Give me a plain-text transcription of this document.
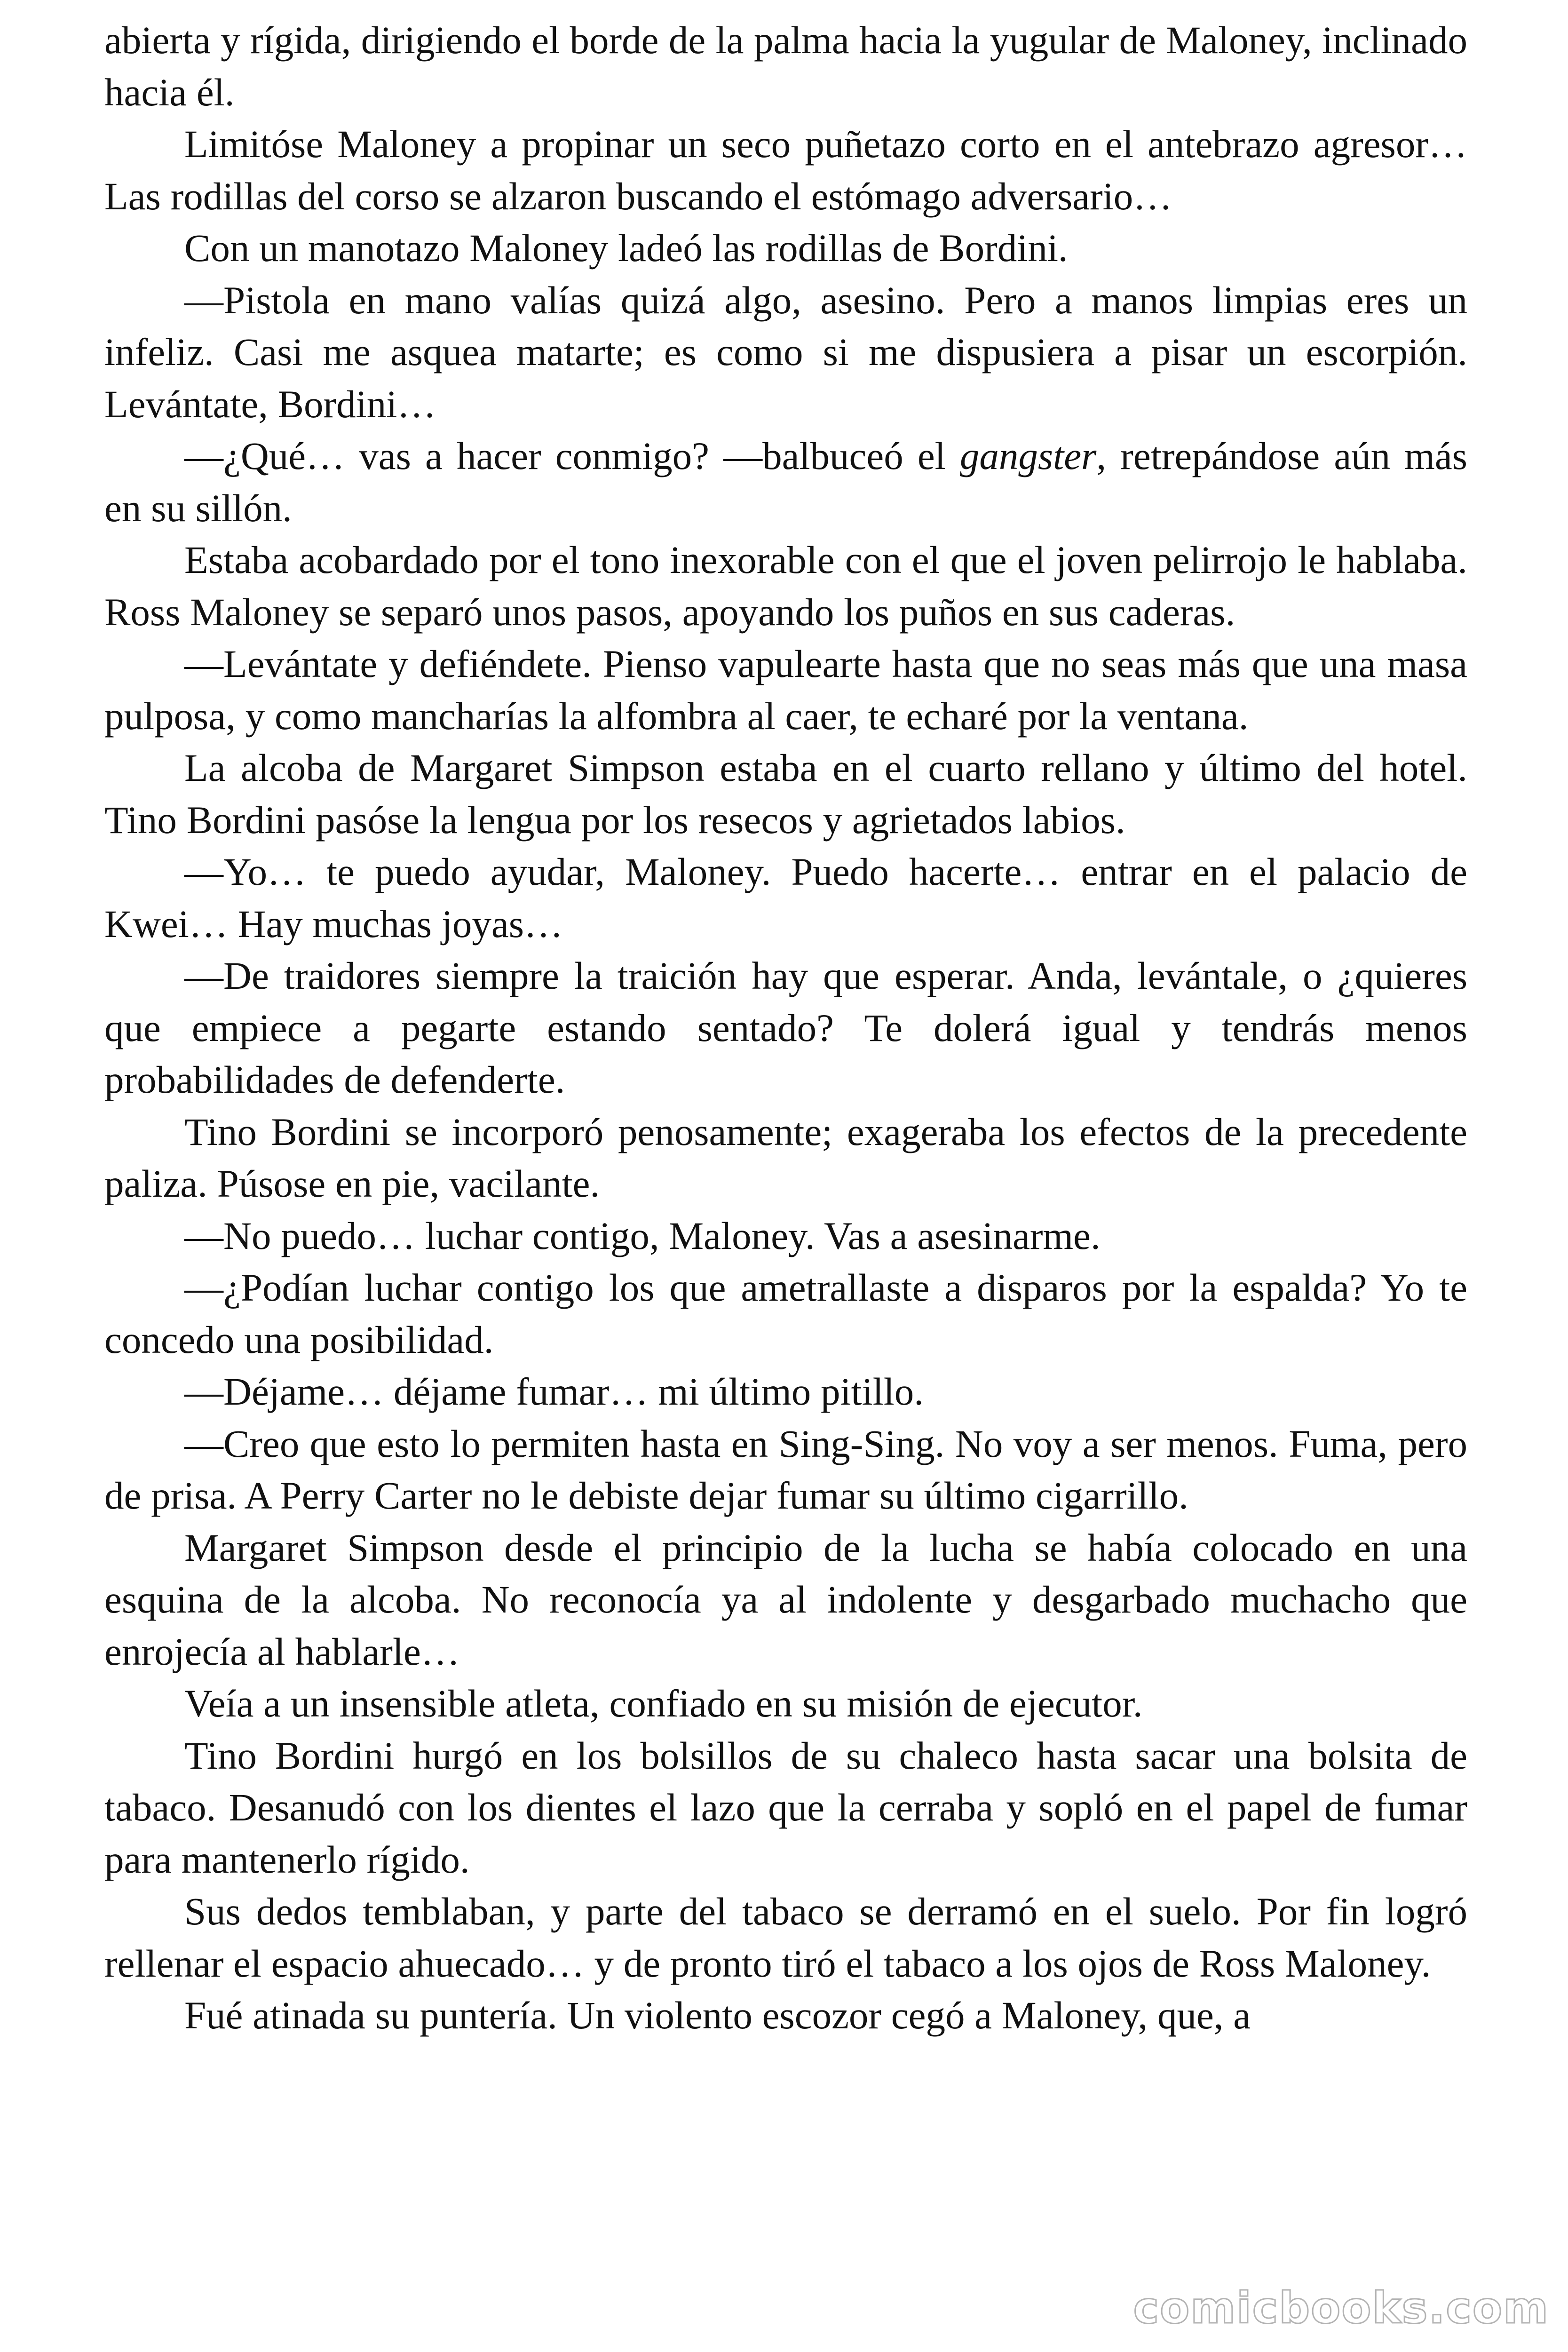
abierta y rígida, dirigiendo el borde de la palma hacia la yugular de Maloney, inclinado hacia él.

Limitóse Maloney a propinar un seco puñetazo corto en el antebrazo agresor… Las rodillas del corso se alzaron buscando el estómago adversario…

Con un manotazo Maloney ladeó las rodillas de Bordini.

—Pistola en mano valías quizá algo, asesino. Pero a manos limpias eres un infeliz. Casi me asquea matarte; es como si me dispusiera a pisar un escorpión. Levántate, Bordini…

—¿Qué… vas a hacer conmigo? —balbuceó el gangster, retrepándose aún más en su sillón.

Estaba acobardado por el tono inexorable con el que el joven pelirrojo le hablaba. Ross Maloney se separó unos pasos, apoyando los puños en sus caderas.

—Levántate y defiéndete. Pienso vapulearte hasta que no seas más que una masa pulposa, y como mancharías la alfombra al caer, te echaré por la ventana.

La alcoba de Margaret Simpson estaba en el cuarto rellano y último del hotel. Tino Bordini pasóse la lengua por los resecos y agrietados labios.

—Yo… te puedo ayudar, Maloney. Puedo hacerte… entrar en el palacio de Kwei… Hay muchas joyas…

—De traidores siempre la traición hay que esperar. Anda, levántale, o ¿quieres que empiece a pegarte estando sentado? Te dolerá igual y tendrás menos probabilidades de defenderte.

Tino Bordini se incorporó penosamente; exageraba los efectos de la precedente paliza. Púsose en pie, vacilante.

—No puedo… luchar contigo, Maloney. Vas a asesinarme.

—¿Podían luchar contigo los que ametrallaste a disparos por la espalda? Yo te concedo una posibilidad.

—Déjame… déjame fumar… mi último pitillo.

—Creo que esto lo permiten hasta en Sing-Sing. No voy a ser menos. Fuma, pero de prisa. A Perry Carter no le debiste dejar fumar su último cigarrillo.

Margaret Simpson desde el principio de la lucha se había colocado en una esquina de la alcoba. No reconocía ya al indolente y desgarbado muchacho que enrojecía al hablarle…

Veía a un insensible atleta, confiado en su misión de ejecutor.

Tino Bordini hurgó en los bolsillos de su chaleco hasta sacar una bolsita de tabaco. Desanudó con los dientes el lazo que la cerraba y sopló en el papel de fumar para mantenerlo rígido.

Sus dedos temblaban, y parte del tabaco se derramó en el suelo. Por fin logró rellenar el espacio ahuecado… y de pronto tiró el tabaco a los ojos de Ross Maloney.

Fué atinada su puntería. Un violento escozor cegó a Maloney, que, a

comicbooks.com
